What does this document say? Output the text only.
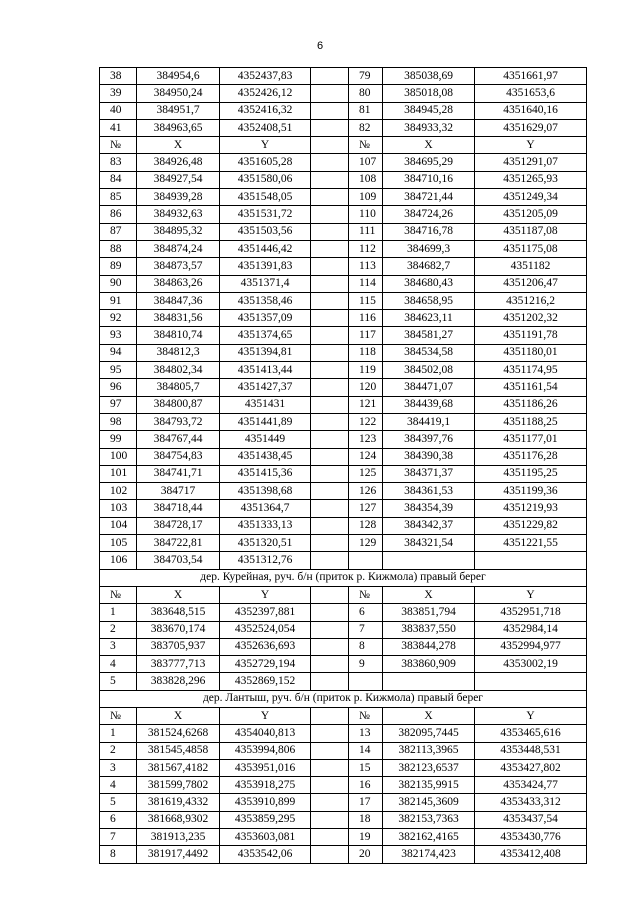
6
38	384954,6	4352437,83		79	385038,69	4351661,97
39	384950,24	4352426,12		80	385018,08	4351653,6
40	384951,7	4352416,32		81	384945,28	4351640,16
41	384963,65	4352408,51		82	384933,32	4351629,07
№	X	Y		№	X	Y
83	384926,48	4351605,28		107	384695,29	4351291,07
84	384927,54	4351580,06		108	384710,16	4351265,93
85	384939,28	4351548,05		109	384721,44	4351249,34
86	384932,63	4351531,72		110	384724,26	4351205,09
87	384895,32	4351503,56		111	384716,78	4351187,08
88	384874,24	4351446,42		112	384699,3	4351175,08
89	384873,57	4351391,83		113	384682,7	4351182
90	384863,26	4351371,4		114	384680,43	4351206,47
91	384847,36	4351358,46		115	384658,95	4351216,2
92	384831,56	4351357,09		116	384623,11	4351202,32
93	384810,74	4351374,65		117	384581,27	4351191,78
94	384812,3	4351394,81		118	384534,58	4351180,01
95	384802,34	4351413,44		119	384502,08	4351174,95
96	384805,7	4351427,37		120	384471,07	4351161,54
97	384800,87	4351431		121	384439,68	4351186,26
98	384793,72	4351441,89		122	384419,1	4351188,25
99	384767,44	4351449		123	384397,76	4351177,01
100	384754,83	4351438,45		124	384390,38	4351176,28
101	384741,71	4351415,36		125	384371,37	4351195,25
102	384717	4351398,68		126	384361,53	4351199,36
103	384718,44	4351364,7		127	384354,39	4351219,93
104	384728,17	4351333,13		128	384342,37	4351229,82
105	384722,81	4351320,51		129	384321,54	4351221,55
106	384703,54	4351312,76				
дер. Курейная, руч. б/н (приток р. Кижмола) правый берег						
№	X	Y		№	X	Y
1	383648,515	4352397,881		6	383851,794	4352951,718
2	383670,174	4352524,054		7	383837,550	4352984,14
3	383705,937	4352636,693		8	383844,278	4352994,977
4	383777,713	4352729,194		9	383860,909	4353002,19
5	383828,296	4352869,152				
дер. Лантыш, руч. б/н (приток р. Кижмола) правый берег						
№	X	Y		№	X	Y
1	381524,6268	4354040,813		13	382095,7445	4353465,616
2	381545,4858	4353994,806		14	382113,3965	4353448,531
3	381567,4182	4353951,016		15	382123,6537	4353427,802
4	381599,7802	4353918,275		16	382135,9915	4353424,77
5	381619,4332	4353910,899		17	382145,3609	4353433,312
6	381668,9302	4353859,295		18	382153,7363	4353437,54
7	381913,235	4353603,081		19	382162,4165	4353430,776
8	381917,4492	4353542,06		20	382174,423	4353412,408
